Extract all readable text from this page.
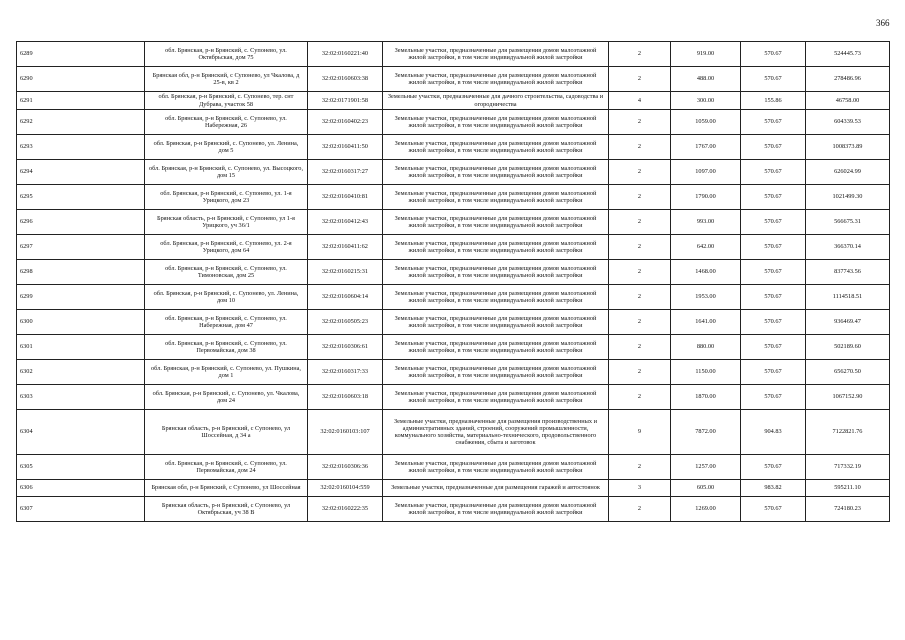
366
6289	обл. Брянская, р-н Брянский, с. Супонево, ул. Октябрьская, дом 75	32:02:0160221:40	Земельные участки, предназначенные для размещения домов малоэтажной жилой застройки, в том числе индивидуальной жилой застройки	2	919.00	570.67	524445.73
6290	Брянская обл, р-н Брянский, с Супонево, ул Чкалова, д 25-в, кв 2	32:02:0160603:38	Земельные участки, предназначенные для размещения домов малоэтажной жилой застройки, в том числе индивидуальной жилой застройки	2	488.00	570.67	278486.96
6291	обл. Брянская, р-н Брянский, с. Супонево, тер. снт Дубрава, участок 58	32:02:0171901:58	Земельные участки, предназначенные для дачного строительства, садоводства и огородничества	4	300.00	155.86	46758.00
6292	обл. Брянская, р-н Брянский, с. Супонево, ул. Набережная, 26	32:02:0160402:23	Земельные участки, предназначенные для размещения домов малоэтажной жилой застройки, в том числе индивидуальной жилой застройки	2	1059.00	570.67	604339.53
6293	обл. Брянская, р-н Брянский, с. Супонево, ул. Ленина, дом 5	32:02:0160411:50	Земельные участки, предназначенные для размещения домов малоэтажной жилой застройки, в том числе индивидуальной жилой застройки	2	1767.00	570.67	1008373.89
6294	обл. Брянская, р-н Брянский, с. Супонево, ул. Высоцкого, дом 15	32:02:0160317:27	Земельные участки, предназначенные для размещения домов малоэтажной жилой застройки, в том числе индивидуальной жилой застройки	2	1097.00	570.67	626024.99
6295	обл. Брянская, р-н Брянский, с. Супонево, ул. 1-я Урицкого, дом 23	32:02:0160410:81	Земельные участки, предназначенные для размещения домов малоэтажной жилой застройки, в том числе индивидуальной жилой застройки	2	1790.00	570.67	1021499.30
6296	Брянская область, р-н Брянский, с Супонево, ул 1-я Урицкого, уч 36/1	32:02:0160412:43	Земельные участки, предназначенные для размещения домов малоэтажной жилой застройки, в том числе индивидуальной жилой застройки	2	993.00	570.67	566675.31
6297	обл. Брянская, р-н Брянский, с. Супонево, ул. 2-я Урицкого, дом 64	32:02:0160411:62	Земельные участки, предназначенные для размещения домов малоэтажной жилой застройки, в том числе индивидуальной жилой застройки	2	642.00	570.67	366370.14
6298	обл. Брянская, р-н Брянский, с. Супонево, ул. Тимоновская, дом 25	32:02:0160215:31	Земельные участки, предназначенные для размещения домов малоэтажной жилой застройки, в том числе индивидуальной жилой застройки	2	1468.00	570.67	837743.56
6299	обл. Брянская, р-н Брянский, с. Супонево, ул. Ленина, дом 10	32:02:0160604:14	Земельные участки, предназначенные для размещения домов малоэтажной жилой застройки, в том числе индивидуальной жилой застройки	2	1953.00	570.67	1114518.51
6300	обл. Брянская, р-н Брянский, с. Супонево, ул. Набережная, дом 47	32:02:0160505:23	Земельные участки, предназначенные для размещения домов малоэтажной жилой застройки, в том числе индивидуальной жилой застройки	2	1641.00	570.67	936469.47
6301	обл. Брянская, р-н Брянский, с. Супонево, ул. Первомайская, дом 38	32:02:0160306:61	Земельные участки, предназначенные для размещения домов малоэтажной жилой застройки, в том числе индивидуальной жилой застройки	2	880.00	570.67	502189.60
6302	обл. Брянская, р-н Брянский, с. Супонево, ул. Пушкина, дом 1	32:02:0160317:33	Земельные участки, предназначенные для размещения домов малоэтажной жилой застройки, в том числе индивидуальной жилой застройки	2	1150.00	570.67	656270.50
6303	обл. Брянская, р-н Брянский, с. Супонево, ул. Чкалова, дом 24	32:02:0160603:18	Земельные участки, предназначенные для размещения домов малоэтажной жилой застройки, в том числе индивидуальной жилой застройки	2	1870.00	570.67	1067152.90
6304	Брянская область, р-н Брянский, с Супонево, ул Шоссейная, д 34 а	32:02:0160103:107	Земельные участки, предназначенные для размещения производственных и административных зданий, строений, сооружений промышленности, коммунального хозяйства, материально-технического, продовольственного снабжения, сбыта и заготовок	9	7872.00	904.83	7122821.76
6305	обл. Брянская, р-н Брянский, с. Супонево, ул. Первомайская, дом 24	32:02:0160306:36	Земельные участки, предназначенные для размещения домов малоэтажной жилой застройки, в том числе индивидуальной жилой застройки	2	1257.00	570.67	717332.19
6306	Брянская обл, р-н Брянский, с Супонево, ул Шоссейная	32:02:0160104:559	Земельные участки, предназначенные для размещения гаражей и автостоянок	3	605.00	983.82	595211.10
6307	Брянская область, р-н Брянский, с Супонево, ул Октябрьская, уч 38 В	32:02:0160222:35	Земельные участки, предназначенные для размещения домов малоэтажной жилой застройки, в том числе индивидуальной жилой застройки	2	1269.00	570.67	724180.23
